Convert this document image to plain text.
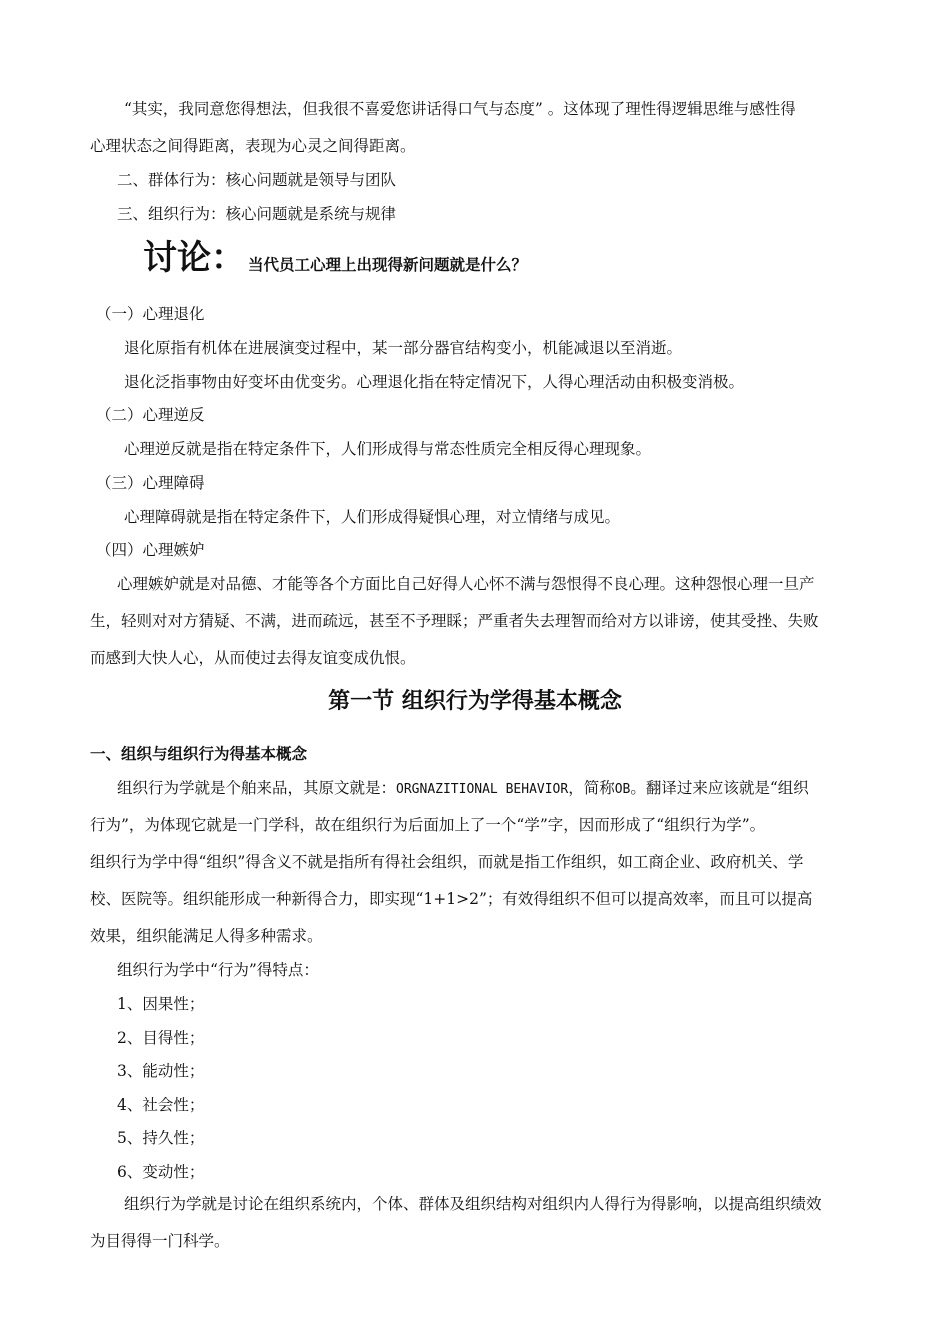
“其实，我同意您得想法，但我很不喜爱您讲话得口气与态度” 。这体现了理性得逻辑思维与感性得

心理状态之间得距离，表现为心灵之间得距离。

二、群体行为：核心问题就是领导与团队

三、组织行为：核心问题就是系统与规律

讨论： 当代员工心理上出现得新问题就是什么？

（一）心理退化

退化原指有机体在进展演变过程中，某一部分器官结构变小，机能减退以至消逝。

退化泛指事物由好变坏由优变劣。心理退化指在特定情况下，人得心理活动由积极变消极。

（二）心理逆反

心理逆反就是指在特定条件下，人们形成得与常态性质完全相反得心理现象。

（三）心理障碍

心理障碍就是指在特定条件下，人们形成得疑惧心理，对立情绪与成见。

（四）心理嫉妒

心理嫉妒就是对品德、才能等各个方面比自己好得人心怀不满与怨恨得不良心理。这种怨恨心理一旦产

生，轻则对对方猜疑、不满，进而疏远，甚至不予理睬；严重者失去理智而给对方以诽谤，使其受挫、失败

而感到大快人心，从而使过去得友谊变成仇恨。

第一节 组织行为学得基本概念
一、组织与组织行为得基本概念

组织行为学就是个舶来品，其原文就是：ORGNAZITIONAL BEHAVIOR，简称OB。翻译过来应该就是“组织

行为”，为体现它就是一门学科，故在组织行为后面加上了一个“学”字，因而形成了“组织行为学”。

组织行为学中得“组织”得含义不就是指所有得社会组织，而就是指工作组织，如工商企业、政府机关、学

校、医院等。组织能形成一种新得合力，即实现“1+1>2”；有效得组织不但可以提高效率，而且可以提高

效果，组织能满足人得多种需求。

组织行为学中“行为”得特点：

1、因果性；

2、目得性；

3、能动性；

4、社会性；

5、持久性；

6、变动性；

组织行为学就是讨论在组织系统内，个体、群体及组织结构对组织内人得行为得影响，以提高组织绩效

为目得得一门科学。
